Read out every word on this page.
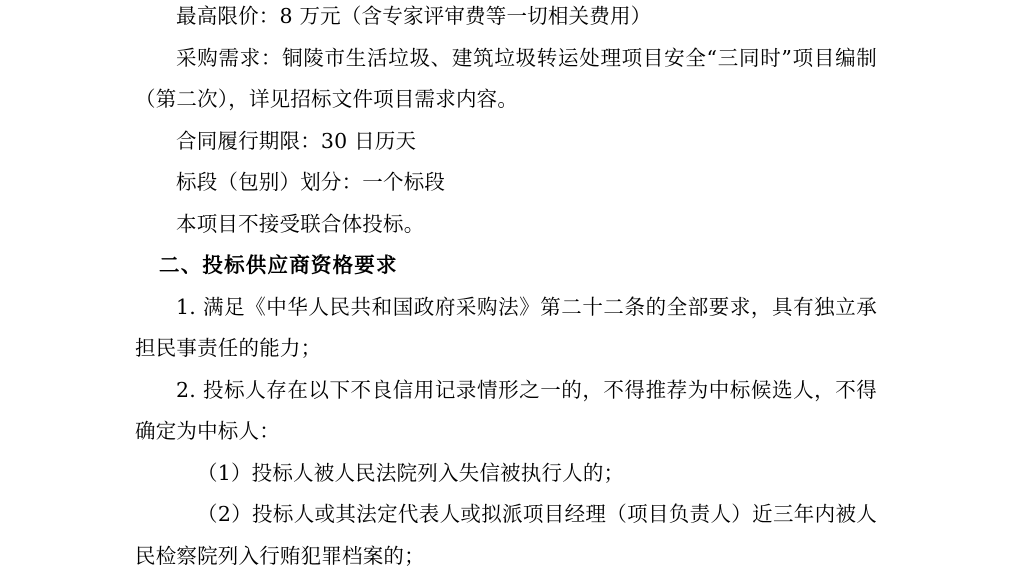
最高限价：8 万元（含专家评审费等一切相关费用）

采购需求：铜陵市生活垃圾、建筑垃圾转运处理项目安全“三同时”项目编制（第二次），详见招标文件项目需求内容。

合同履行期限：30 日历天

标段（包别）划分：一个标段

本项目不接受联合体投标。

二、投标供应商资格要求

1. 满足《中华人民共和国政府采购法》第二十二条的全部要求，具有独立承担民事责任的能力；

2. 投标人存在以下不良信用记录情形之一的，不得推荐为中标候选人，不得确定为中标人：

（1）投标人被人民法院列入失信被执行人的；

（2）投标人或其法定代表人或拟派项目经理（项目负责人）近三年内被人民检察院列入行贿犯罪档案的；
